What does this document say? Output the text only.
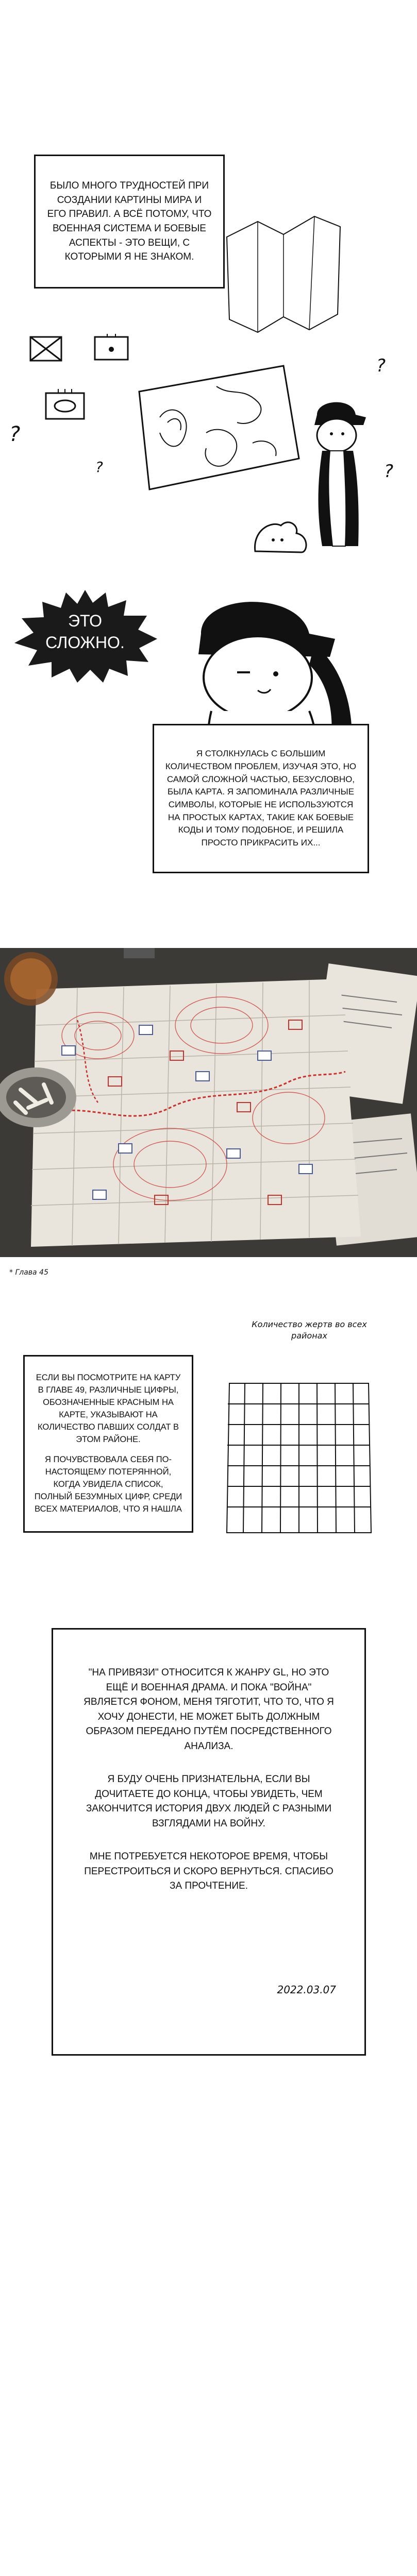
БЫЛО МНОГО ТРУДНОСТЕЙ ПРИ СОЗДАНИИ КАРТИНЫ МИРА И ЕГО ПРАВИЛ. А ВСЁ ПОТОМУ, ЧТО ВОЕННАЯ СИСТЕМА И БОЕВЫЕ АСПЕКТЫ - ЭТО ВЕЩИ, С КОТОРЫМИ Я НЕ ЗНАКОМ.

?
?
?
?
ЭТО СЛОЖНО.

Я СТОЛКНУЛАСЬ С БОЛЬШИМ КОЛИЧЕСТВОМ ПРОБЛЕМ, ИЗУЧАЯ ЭТО, НО САМОЙ СЛОЖНОЙ ЧАСТЬЮ, БЕЗУСЛОВНО, БЫЛА КАРТА. Я ЗАПОМИНАЛА РАЗЛИЧНЫЕ СИМВОЛЫ, КОТОРЫЕ НЕ ИСПОЛЬЗУЮТСЯ НА ПРОСТЫХ КАРТАХ, ТАКИЕ КАК БОЕВЫЕ КОДЫ И ТОМУ ПОДОБНОЕ, И РЕШИЛА ПРОСТО ПРИКРАСИТЬ ИХ...

* Глава 45

ЕСЛИ ВЫ ПОСМОТРИТЕ НА КАРТУ В ГЛАВЕ 49, РАЗЛИЧНЫЕ ЦИФРЫ, ОБОЗНАЧЕННЫЕ КРАСНЫМ НА КАРТЕ, УКАЗЫВАЮТ НА КОЛИЧЕСТВО ПАВШИХ СОЛДАТ В ЭТОМ РАЙОНЕ.

Я ПОЧУВСТВОВАЛА СЕБЯ ПО-НАСТОЯЩЕМУ ПОТЕРЯННОЙ, КОГДА УВИДЕЛА СПИСОК, ПОЛНЫЙ БЕЗУМНЫХ ЦИФР, СРЕДИ ВСЕХ МАТЕРИАЛОВ, ЧТО Я НАШЛА

Количество жертв во всех районах

"НА ПРИВЯЗИ" ОТНОСИТСЯ К ЖАНРУ GL, НО ЭТО ЕЩЁ И ВОЕННАЯ ДРАМА. И ПОКА "ВОЙНА" ЯВЛЯЕТСЯ ФОНОМ, МЕНЯ ТЯГОТИТ, ЧТО ТО, ЧТО Я ХОЧУ ДОНЕСТИ, НЕ МОЖЕТ БЫТЬ ДОЛЖНЫМ ОБРАЗОМ ПЕРЕДАНО ПУТЁМ ПОСРЕДСТВЕННОГО АНАЛИЗА.

Я БУДУ ОЧЕНЬ ПРИЗНАТЕЛЬНА, ЕСЛИ ВЫ ДОЧИТАЕТЕ ДО КОНЦА, ЧТОБЫ УВИДЕТЬ, ЧЕМ ЗАКОНЧИТСЯ ИСТОРИЯ ДВУХ ЛЮДЕЙ С РАЗНЫМИ ВЗГЛЯДАМИ НА ВОЙНУ.

МНЕ ПОТРЕБУЕТСЯ НЕКОТОРОЕ ВРЕМЯ, ЧТОБЫ ПЕРЕСТРОИТЬСЯ И СКОРО ВЕРНУТЬСЯ. СПАСИБО ЗА ПРОЧТЕНИЕ.

2022.03.07
